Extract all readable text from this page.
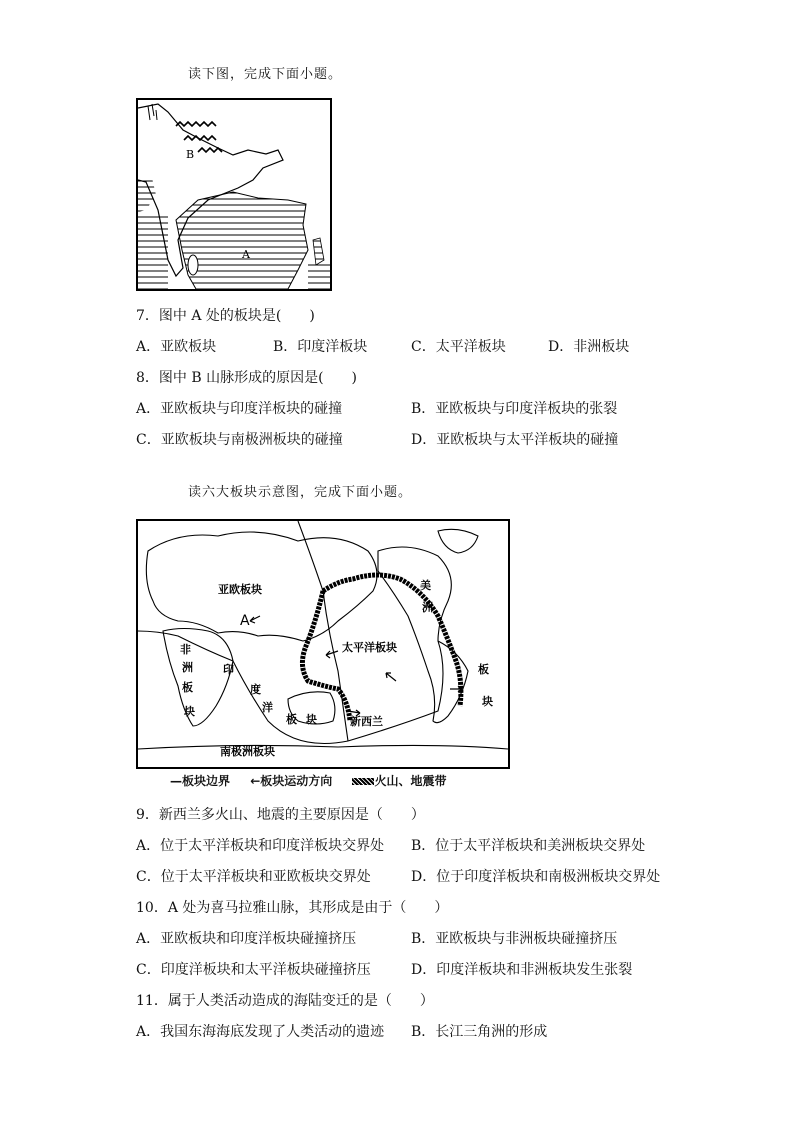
读下图，完成下面小题。
B
A
7．图中 A 处的板块是(　　)
A．亚欧板块	B．印度洋板块	C．太平洋板块	D．非洲板块
8．图中 B 山脉形成的原因是(　　)
A．亚欧板块与印度洋板块的碰撞	B．亚欧板块与印度洋板块的张裂
C．亚欧板块与南极洲板块的碰撞	D．亚欧板块与太平洋板块的碰撞
读六大板块示意图，完成下面小题。
亚欧板块
A
太平洋板块
非
洲
板
块
印
度
洋
板 块
美
洲
板
块
南极洲板块
新西兰
—板块边界 ←板块运动方向	火山、地震带
9．新西兰多火山、地震的主要原因是（　　）
A．位于太平洋板块和印度洋板块交界处 B．位于太平洋板块和美洲板块交界处
C．位于太平洋板块和亚欧板块交界处	D．位于印度洋板块和南极洲板块交界处
10．A 处为喜马拉雅山脉，其形成是由于（　　）
A．亚欧板块和印度洋板块碰撞挤压	B．亚欧板块与非洲板块碰撞挤压
C．印度洋板块和太平洋板块碰撞挤压	D．印度洋板块和非洲板块发生张裂
11．属于人类活动造成的海陆变迁的是（　　）
A．我国东海海底发现了人类活动的遗迹 B．长江三角洲的形成
